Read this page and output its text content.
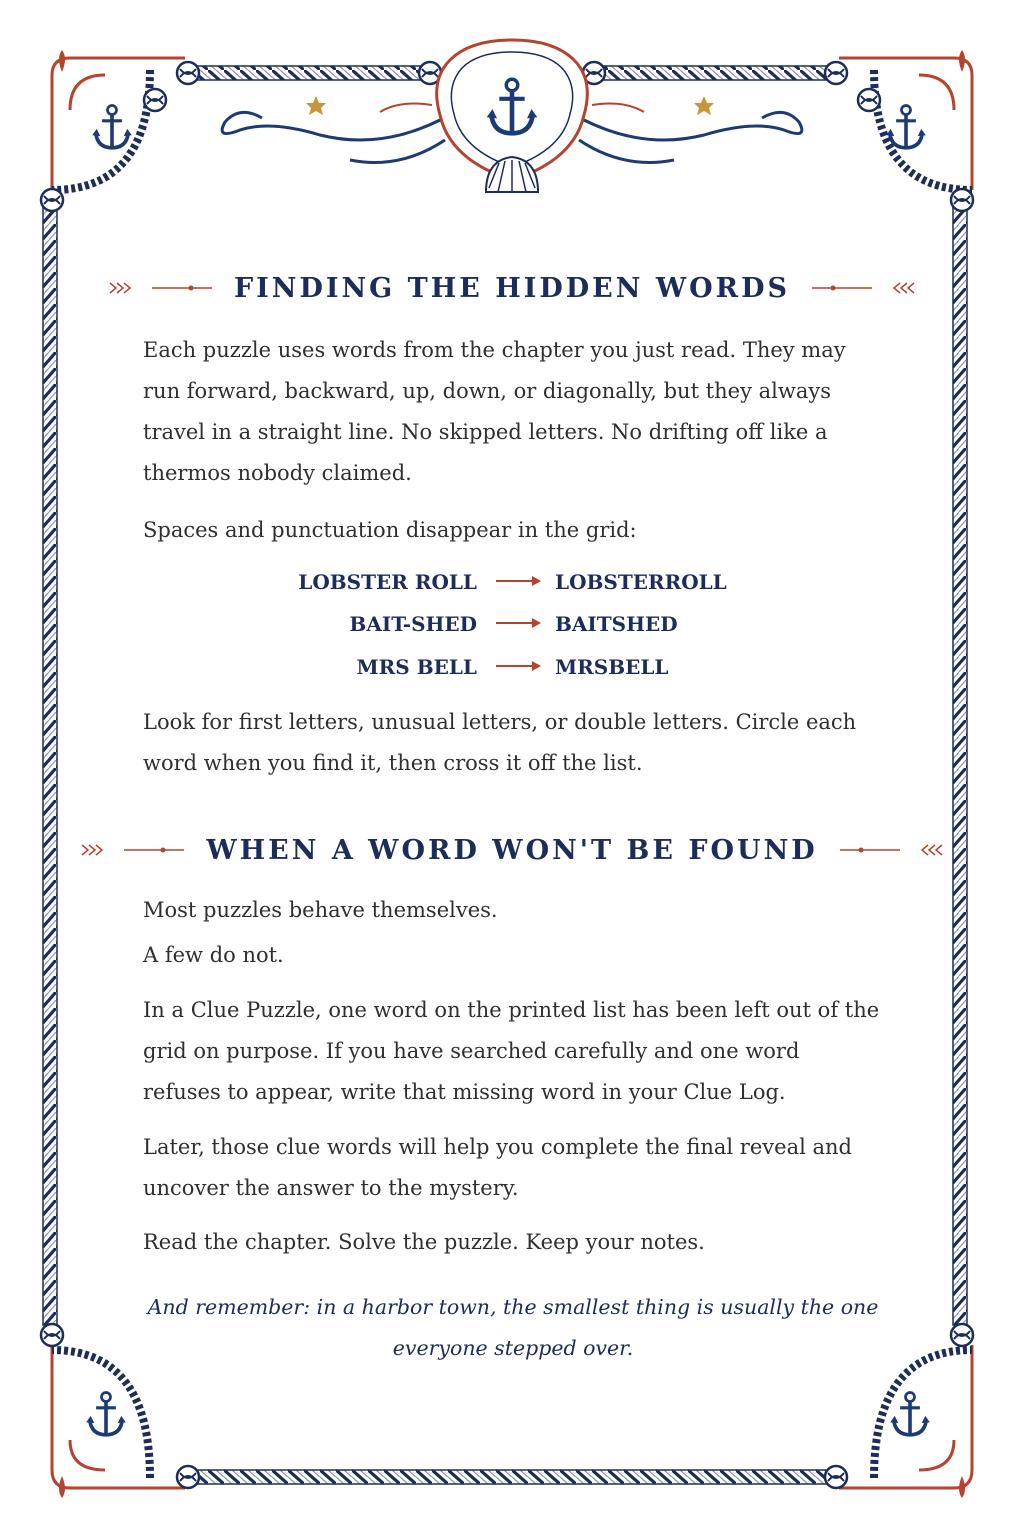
FINDING THE HIDDEN WORDS

Each puzzle uses words from the chapter you just read. They may run forward, backward, up, down, or diagonally, but they always travel in a straight line. No skipped letters. No drifting off like a thermos nobody claimed.

Spaces and punctuation disappear in the grid:

LOBSTER ROLL	LOBSTERROLL
BAIT-SHED	BAITSHED
MRS BELL	MRSBELL

Look for first letters, unusual letters, or double letters. Circle each word when you find it, then cross it off the list.

WHEN A WORD WON'T BE FOUND

Most puzzles behave themselves.

A few do not.

In a Clue Puzzle, one word on the printed list has been left out of the grid on purpose. If you have searched carefully and one word refuses to appear, write that missing word in your Clue Log.

Later, those clue words will help you complete the final reveal and uncover the answer to the mystery.

Read the chapter. Solve the puzzle. Keep your notes.

And remember: in a harbor town, the smallest thing is usually the one everyone stepped over.
